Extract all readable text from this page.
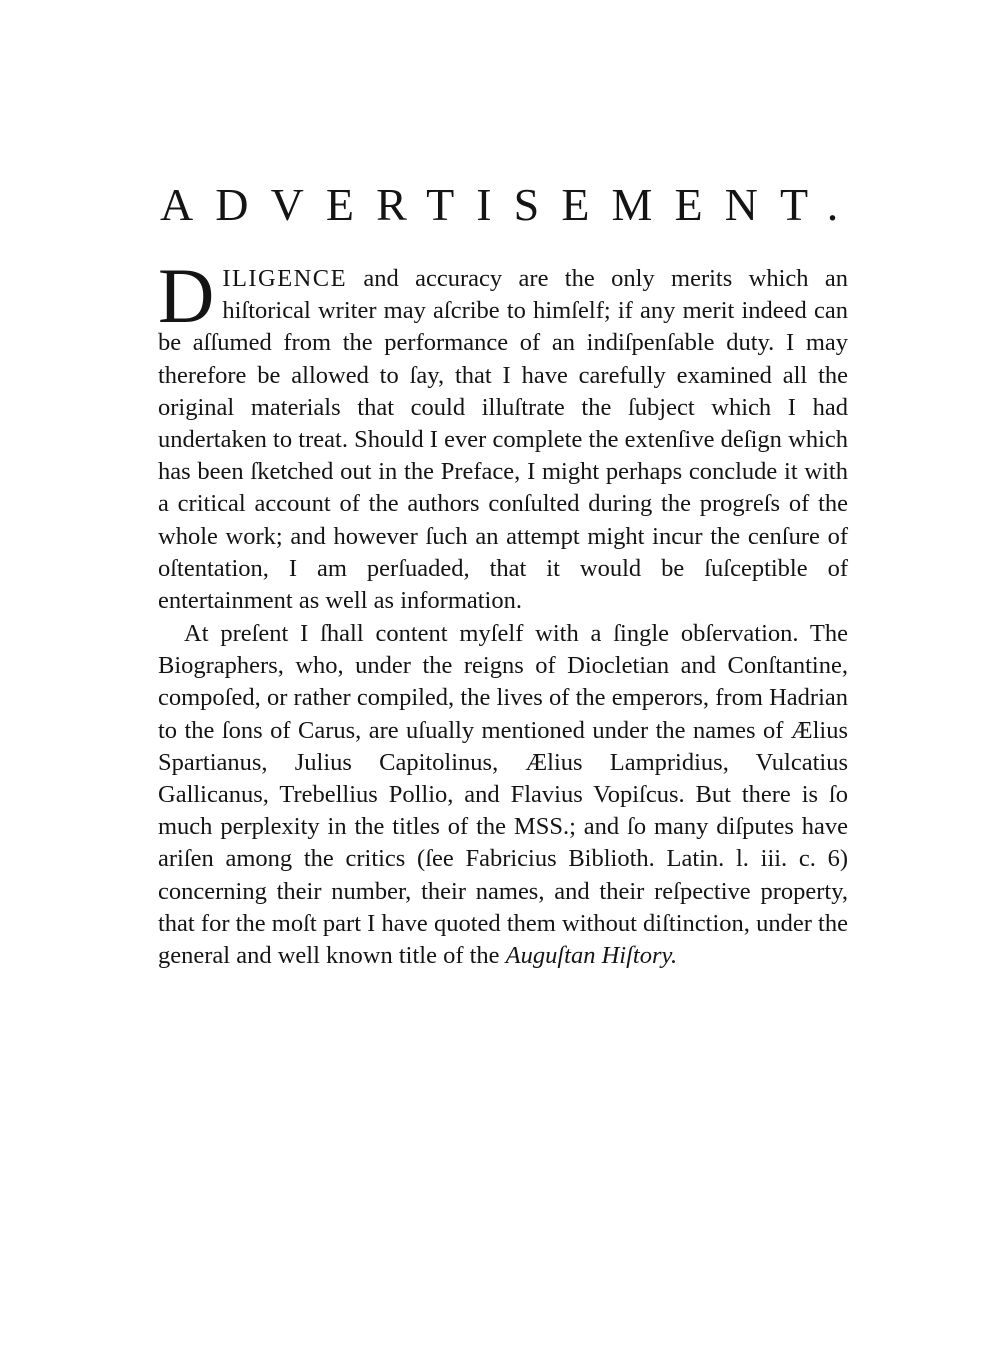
ADVERTISEMENT.

DILIGENCE and accuracy are the only merits which an hiſtorical writer may aſcribe to himſelf; if any merit indeed can be aſſumed from the performance of an indiſpenſable duty. I may therefore be allowed to ſay, that I have carefully examined all the original materials that could illuſtrate the ſubject which I had undertaken to treat. Should I ever complete the extenſive deſign which has been ſketched out in the Preface, I might perhaps conclude it with a critical account of the authors conſulted during the progreſs of the whole work; and however ſuch an attempt might incur the cenſure of oſtentation, I am perſuaded, that it would be ſuſceptible of entertainment as well as information.

At preſent I ſhall content myſelf with a ſingle obſervation. The Biographers, who, under the reigns of Diocletian and Conſtantine, compoſed, or rather compiled, the lives of the emperors, from Hadrian to the ſons of Carus, are uſually mentioned under the names of Ælius Spartianus, Julius Capitolinus, Ælius Lampridius, Vulcatius Gallicanus, Trebellius Pollio, and Flavius Vopiſcus. But there is ſo much perplexity in the titles of the MSS.; and ſo many diſputes have ariſen among the critics (ſee Fabricius Biblioth. Latin. l. iii. c. 6) concerning their number, their names, and their reſpective property, that for the moſt part I have quoted them without diſtinction, under the general and well known title of the Auguſtan Hiſtory.
